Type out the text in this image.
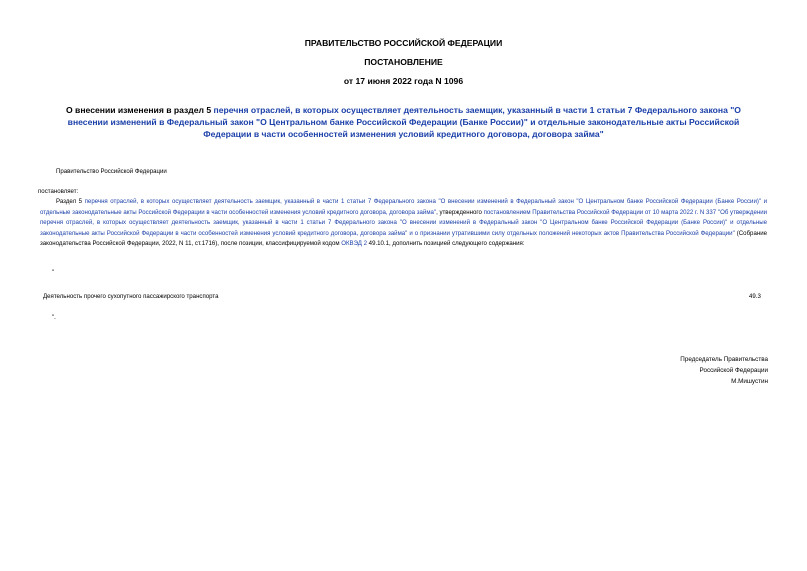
ПРАВИТЕЛЬСТВО РОССИЙСКОЙ ФЕДЕРАЦИИ
ПОСТАНОВЛЕНИЕ
от 17 июня 2022 года N 1096
О внесении изменения в раздел 5 перечня отраслей, в которых осуществляет деятельность заемщик, указанный в части 1 статьи 7 Федерального закона "О внесении изменений в Федеральный закон "О Центральном банке Российской Федерации (Банке России)" и отдельные законодательные акты Российской Федерации в части особенностей изменения условий кредитного договора, договора займа"
Правительство Российской Федерации
постановляет:
Раздел 5 перечня отраслей, в которых осуществляет деятельность заемщик, указанный в части 1 статьи 7 Федерального закона "О внесении изменений в Федеральный закон "О Центральном банке Российской Федерации (Банке России)" и отдельные законодательные акты Российской Федерации в части особенностей изменения условий кредитного договора, договора займа", утвержденного постановлением Правительства Российской Федерации от 10 марта 2022 г. N 337 "Об утверждении перечня отраслей, в которых осуществляет деятельность заемщик, указанный в части 1 статьи 7 Федерального закона "О внесении изменений в Федеральный закон "О Центральном банке Российской Федерации (Банке России)" и отдельные законодательные акты Российской Федерации в части особенностей изменения условий кредитного договора, договора займа" и о признании утратившими силу отдельных положений некоторых актов Правительства Российской Федерации" (Собрание законодательства Российской Федерации, 2022, N 11, ст.1716), после позиции, классифицируемой кодом ОКВЭД 2 49.10.1, дополнить позицией следующего содержания:
"
Деятельность прочего сухопутного пассажирского транспорта	49.3
".
Председатель Правительства
Российской Федерации
М.Мишустин
